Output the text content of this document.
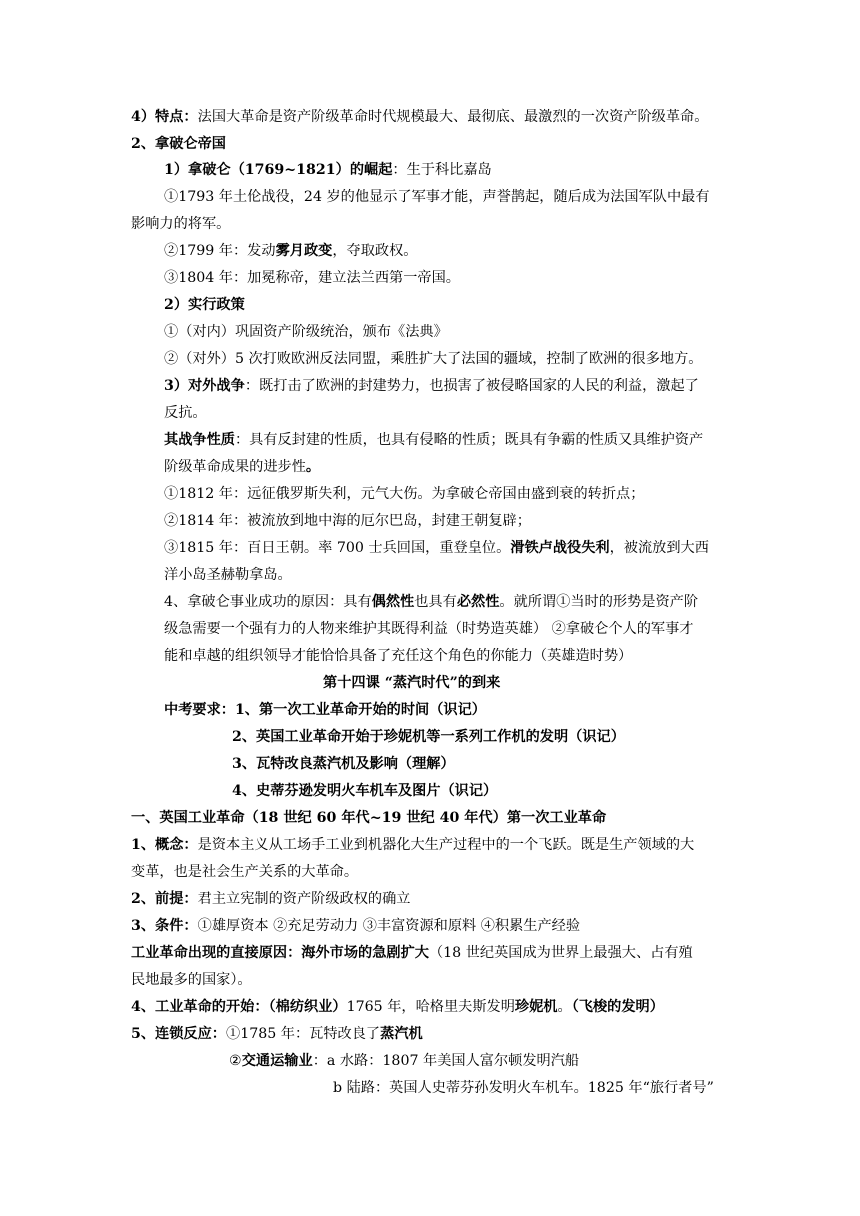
4）特点：法国大革命是资产阶级革命时代规模最大、最彻底、最激烈的一次资产阶级革命。
2、拿破仑帝国
1）拿破仑（1769~1821）的崛起：生于科比嘉岛
①1793 年土伦战役，24 岁的他显示了军事才能，声誉鹊起，随后成为法国军队中最有
影响力的将军。
②1799 年：发动雾月政变，夺取政权。
③1804 年：加冕称帝，建立法兰西第一帝国。
2）实行政策
①（对内）巩固资产阶级统治，颁布《法典》
②（对外）5 次打败欧洲反法同盟，乘胜扩大了法国的疆域，控制了欧洲的很多地方。
3）对外战争：既打击了欧洲的封建势力，也损害了被侵略国家的人民的利益，激起了
反抗。
其战争性质：具有反封建的性质，也具有侵略的性质；既具有争霸的性质又具维护资产
阶级革命成果的进步性。
①1812 年：远征俄罗斯失利，元气大伤。为拿破仑帝国由盛到衰的转折点；
②1814 年：被流放到地中海的厄尔巴岛，封建王朝复辟；
③1815 年：百日王朝。率 700 士兵回国，重登皇位。滑铁卢战役失利，被流放到大西
洋小岛圣赫勒拿岛。
4、拿破仑事业成功的原因：具有偶然性也具有必然性。就所谓①当时的形势是资产阶
级急需要一个强有力的人物来维护其既得利益（时势造英雄） ②拿破仑个人的军事才
能和卓越的组织领导才能恰恰具备了充任这个角色的你能力（英雄造时势）
第十四课 “蒸汽时代”的到来
中考要求：1、第一次工业革命开始的时间（识记）
2、英国工业革命开始于珍妮机等一系列工作机的发明（识记）
3、瓦特改良蒸汽机及影响（理解）
4、史蒂芬逊发明火车机车及图片（识记）
一、英国工业革命（18 世纪 60 年代~19 世纪 40 年代）第一次工业革命
1、概念：是资本主义从工场手工业到机器化大生产过程中的一个飞跃。既是生产领域的大
变革，也是社会生产关系的大革命。
2、前提：君主立宪制的资产阶级政权的确立
3、条件：①雄厚资本 ②充足劳动力 ③丰富资源和原料 ④积累生产经验
工业革命出现的直接原因：海外市场的急剧扩大（18 世纪英国成为世界上最强大、占有殖
民地最多的国家）。
4、工业革命的开始：（棉纺织业）1765 年，哈格里夫斯发明珍妮机。（飞梭的发明）
5、连锁反应：①1785 年：瓦特改良了蒸汽机
②交通运输业：a 水路：1807 年美国人富尔顿发明汽船
b 陆路：英国人史蒂芬孙发明火车机车。1825 年“旅行者号”
